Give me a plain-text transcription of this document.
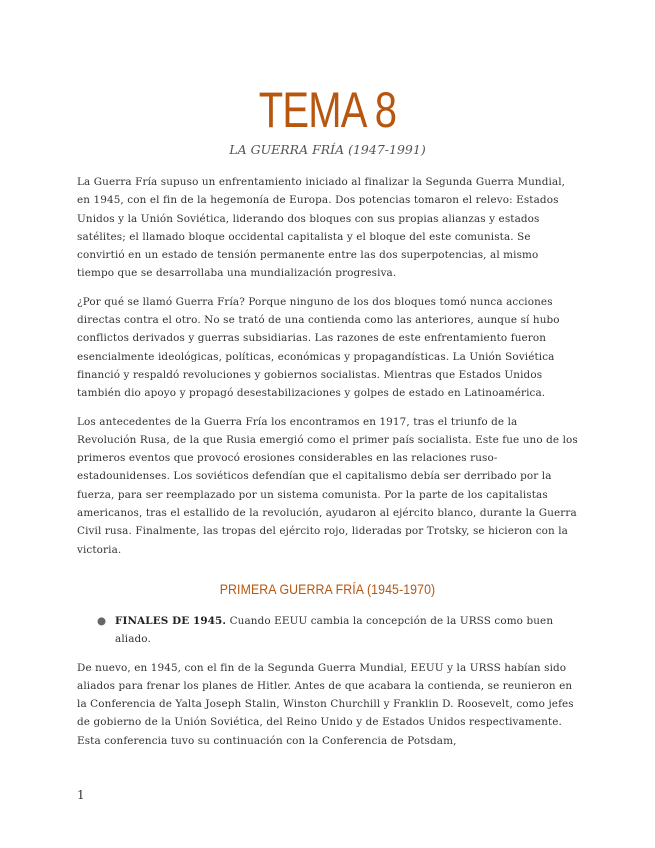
TEMA 8
LA GUERRA FRÍA (1947-1991)

La Guerra Fría supuso un enfrentamiento iniciado al finalizar la Segunda Guerra Mundial, en 1945, con el fin de la hegemonía de Europa. Dos potencias tomaron el relevo: Estados Unidos y la Unión Soviética, liderando dos bloques con sus propias alianzas y estados satélites; el llamado bloque occidental capitalista y el bloque del este comunista. Se convirtió en un estado de tensión permanente entre las dos superpotencias, al mismo tiempo que se desarrollaba una mundialización progresiva.

¿Por qué se llamó Guerra Fría? Porque ninguno de los dos bloques tomó nunca acciones directas contra el otro. No se trató de una contienda como las anteriores, aunque sí hubo conflictos derivados y guerras subsidiarias. Las razones de este enfrentamiento fueron esencialmente ideológicas, políticas, económicas y propagandísticas. La Unión Soviética financió y respaldó revoluciones y gobiernos socialistas. Mientras que Estados Unidos también dio apoyo y propagó desestabilizaciones y golpes de estado en Latinoamérica.

Los antecedentes de la Guerra Fría los encontramos en 1917, tras el triunfo de la Revolución Rusa, de la que Rusia emergió como el primer país socialista. Este fue uno de los primeros eventos que provocó erosiones considerables en las relaciones ruso-estadounidenses. Los soviéticos defendían que el capitalismo debía ser derribado por la fuerza, para ser reemplazado por un sistema comunista. Por la parte de los capitalistas americanos, tras el estallido de la revolución, ayudaron al ejército blanco, durante la Guerra Civil rusa. Finalmente, las tropas del ejército rojo, lideradas por Trotsky, se hicieron con la victoria.

PRIMERA GUERRA FRÍA (1945-1970)
● FINALES DE 1945. Cuando EEUU cambia la concepción de la URSS como buen aliado.

De nuevo, en 1945, con el fin de la Segunda Guerra Mundial, EEUU y la URSS habían sido aliados para frenar los planes de Hitler. Antes de que acabara la contienda, se reunieron en la Conferencia de Yalta Joseph Stalin, Winston Churchill y Franklin D. Roosevelt, como jefes de gobierno de la Unión Soviética, del Reino Unido y de Estados Unidos respectivamente. Esta conferencia tuvo su continuación con la Conferencia de Potsdam,

1
